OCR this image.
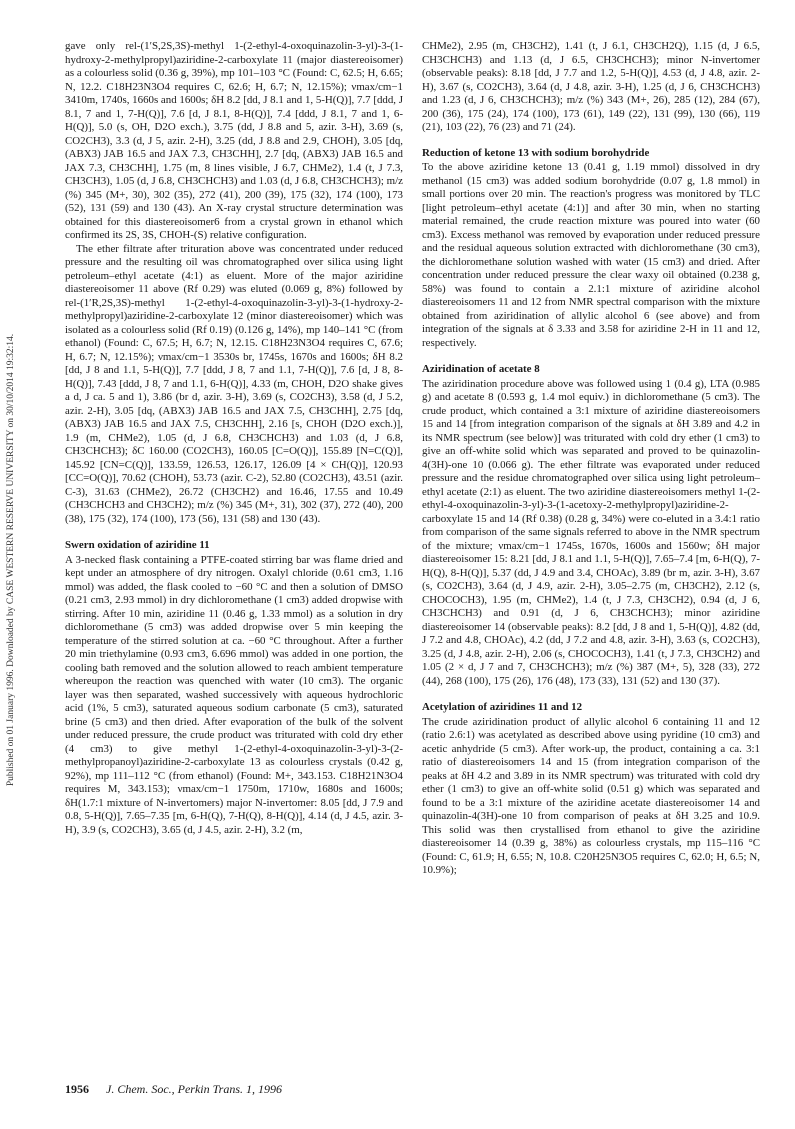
Published on 01 January 1996. Downloaded by CASE WESTERN RESERVE UNIVERSITY on 30/10/2014 19:32:14.

gave only rel-(1′S,2S,3S)-methyl 1-(2-ethyl-4-oxoquinazolin-3-yl)-3-(1-hydroxy-2-methylpropyl)aziridine-2-carboxylate 11 (major diastereoisomer) as a colourless solid (0.36 g, 39%), mp 101–103 °C (Found: C, 62.5; H, 6.65; N, 12.2. C18H23N3O4 requires C, 62.6; H, 6.7; N, 12.15%); νmax/cm−1 3410m, 1740s, 1660s and 1600s; δH 8.2 [dd, J 8.1 and 1, 5-H(Q)], 7.7 [ddd, J 8.1, 7 and 1, 7-H(Q)], 7.6 [d, J 8.1, 8-H(Q)], 7.4 [ddd, J 8.1, 7 and 1, 6-H(Q)], 5.0 (s, OH, D2O exch.), 3.75 (dd, J 8.8 and 5, azir. 3-H), 3.69 (s, CO2CH3), 3.3 (d, J 5, azir. 2-H), 3.25 (dd, J 8.8 and 2.9, CHOH), 3.05 [dq, (ABX3) JAB 16.5 and JAX 7.3, CH3CHH], 2.7 [dq, (ABX3) JAB 16.5 and JAX 7.3, CH3CHH], 1.75 (m, 8 lines visible, J 6.7, CHMe2), 1.4 (t, J 7.3, CH3CH3), 1.05 (d, J 6.8, CH3CHCH3) and 1.03 (d, J 6.8, CH3CHCH3); m/z (%) 345 (M+, 30), 302 (35), 272 (41), 200 (39), 175 (32), 174 (100), 173 (52), 131 (59) and 130 (43). An X-ray crystal structure determination was obtained for this diastereoisomer6 from a crystal grown in ethanol which confirmed its 2S, 3S, CHOH-(S) relative configuration.

The ether filtrate after trituration above was concentrated under reduced pressure and the resulting oil was chromatographed over silica using light petroleum–ethyl acetate (4:1) as eluent. More of the major aziridine diastereoisomer 11 above (Rf 0.29) was eluted (0.069 g, 8%) followed by rel-(1′R,2S,3S)-methyl 1-(2-ethyl-4-oxoquinazolin-3-yl)-3-(1-hydroxy-2-methylpropyl)aziridine-2-carboxylate 12 (minor diastereoisomer) which was isolated as a colourless solid (Rf 0.19) (0.126 g, 14%), mp 140–141 °C (from ethanol) (Found: C, 67.5; H, 6.7; N, 12.15. C18H23N3O4 requires C, 67.6; H, 6.7; N, 12.15%); νmax/cm−1 3530s br, 1745s, 1670s and 1600s; δH 8.2 [dd, J 8 and 1.1, 5-H(Q)], 7.7 [ddd, J 8, 7 and 1.1, 7-H(Q)], 7.6 [d, J 8, 8-H(Q)], 7.43 [ddd, J 8, 7 and 1.1, 6-H(Q)], 4.33 (m, CHOH, D2O shake gives a d, J ca. 5 and 1), 3.86 (br d, azir. 3-H), 3.69 (s, CO2CH3), 3.58 (d, J 5.2, azir. 2-H), 3.05 [dq, (ABX3) JAB 16.5 and JAX 7.5, CH3CHH], 2.75 [dq, (ABX3) JAB 16.5 and JAX 7.5, CH3CHH], 2.16 [s, CHOH (D2O exch.)], 1.9 (m, CHMe2), 1.05 (d, J 6.8, CH3CHCH3) and 1.03 (d, J 6.8, CH3CHCH3); δC 160.00 (CO2CH3), 160.05 [C=O(Q)], 155.89 [N=C(Q)], 145.92 [CN=C(Q)], 133.59, 126.53, 126.17, 126.09 [4 × CH(Q)], 120.93 [CC=O(Q)], 70.62 (CHOH), 53.73 (azir. C-2), 52.80 (CO2CH3), 43.51 (azir. C-3), 31.63 (CHMe2), 26.72 (CH3CH2) and 16.46, 17.55 and 10.49 (CH3CHCH3 and CH3CH2); m/z (%) 345 (M+, 31), 302 (37), 272 (40), 200 (38), 175 (32), 174 (100), 173 (56), 131 (58) and 130 (43).

Swern oxidation of aziridine 11

A 3-necked flask containing a PTFE-coated stirring bar was flame dried and kept under an atmosphere of dry nitrogen. Oxalyl chloride (0.61 cm3, 1.16 mmol) was added, the flask cooled to −60 °C and then a solution of DMSO (0.21 cm3, 2.93 mmol) in dry dichloromethane (1 cm3) added dropwise with stirring. After 10 min, aziridine 11 (0.46 g, 1.33 mmol) as a solution in dry dichloromethane (5 cm3) was added dropwise over 5 min keeping the temperature of the stirred solution at ca. −60 °C throughout. After a further 20 min triethylamine (0.93 cm3, 6.696 mmol) was added in one portion, the cooling bath removed and the solution allowed to reach ambient temperature whereupon the reaction was quenched with water (10 cm3). The organic layer was then separated, washed successively with aqueous hydrochloric acid (1%, 5 cm3), saturated aqueous sodium carbonate (5 cm3), saturated brine (5 cm3) and then dried. After evaporation of the bulk of the solvent under reduced pressure, the crude product was triturated with cold dry ether (4 cm3) to give methyl 1-(2-ethyl-4-oxoquinazolin-3-yl)-3-(2-methylpropanoyl)aziridine-2-carboxylate 13 as colourless crystals (0.42 g, 92%), mp 111–112 °C (from ethanol) (Found: M+, 343.153. C18H21N3O4 requires M, 343.153); νmax/cm−1 1750m, 1710w, 1680s and 1600s; δH(1.7:1 mixture of N-invertomers) major N-invertomer: 8.05 [dd, J 7.9 and 0.8, 5-H(Q)], 7.65–7.35 [m, 6-H(Q), 7-H(Q), 8-H(Q)], 4.14 (d, J 4.5, azir. 3-H), 3.9 (s, CO2CH3), 3.65 (d, J 4.5, azir. 2-H), 3.2 (m,

CHMe2), 2.95 (m, CH3CH2), 1.41 (t, J 6.1, CH3CH2Q), 1.15 (d, J 6.5, CH3CHCH3) and 1.13 (d, J 6.5, CH3CHCH3); minor N-invertomer (observable peaks): 8.18 [dd, J 7.7 and 1.2, 5-H(Q)], 4.53 (d, J 4.8, azir. 2-H), 3.67 (s, CO2CH3), 3.64 (d, J 4.8, azir. 3-H), 1.25 (d, J 6, CH3CHCH3) and 1.23 (d, J 6, CH3CHCH3); m/z (%) 343 (M+, 26), 285 (12), 284 (67), 200 (36), 175 (24), 174 (100), 173 (61), 149 (22), 131 (99), 130 (66), 119 (21), 103 (22), 76 (23) and 71 (24).

Reduction of ketone 13 with sodium borohydride

To the above aziridine ketone 13 (0.41 g, 1.19 mmol) dissolved in dry methanol (15 cm3) was added sodium borohydride (0.07 g, 1.8 mmol) in small portions over 20 min. The reaction's progress was monitored by TLC [light petroleum–ethyl acetate (4:1)] and after 30 min, when no starting material remained, the crude reaction mixture was poured into water (60 cm3). Excess methanol was removed by evaporation under reduced pressure and the residual aqueous solution extracted with dichloromethane (30 cm3), the dichloromethane solution washed with water (15 cm3) and dried. After concentration under reduced pressure the clear waxy oil obtained (0.238 g, 58%) was found to contain a 2.1:1 mixture of aziridine alcohol diastereoisomers 11 and 12 from NMR spectral comparison with the mixture obtained from aziridination of allylic alcohol 6 (see above) and from integration of the signals at δ 3.33 and 3.58 for aziridine 2-H in 11 and 12, respectively.

Aziridination of acetate 8

The aziridination procedure above was followed using 1 (0.4 g), LTA (0.985 g) and acetate 8 (0.593 g, 1.4 mol equiv.) in dichloromethane (5 cm3). The crude product, which contained a 3:1 mixture of aziridine diastereoisomers 15 and 14 [from integration comparison of the signals at δH 3.89 and 4.2 in its NMR spectrum (see below)] was triturated with cold dry ether (1 cm3) to give an off-white solid which was separated and proved to be quinazolin-4(3H)-one 10 (0.066 g). The ether filtrate was evaporated under reduced pressure and the residue chromatographed over silica using light petroleum–ethyl acetate (2:1) as eluent. The two aziridine diastereoisomers methyl 1-(2-ethyl-4-oxoquinazolin-3-yl)-3-(1-acetoxy-2-methylpropyl)aziridine-2-carboxylate 15 and 14 (Rf 0.38) (0.28 g, 34%) were co-eluted in a 3.4:1 ratio from comparison of the same signals referred to above in the NMR spectrum of the mixture; νmax/cm−1 1745s, 1670s, 1600s and 1560w; δH major diastereoisomer 15: 8.21 [dd, J 8.1 and 1.1, 5-H(Q)], 7.65–7.4 [m, 6-H(Q), 7-H(Q), 8-H(Q)], 5.37 (dd, J 4.9 and 3.4, CHOAc), 3.89 (br m, azir. 3-H), 3.67 (s, CO2CH3), 3.64 (d, J 4.9, azir. 2-H), 3.05–2.75 (m, CH3CH2), 2.12 (s, CHOCOCH3), 1.95 (m, CHMe2), 1.4 (t, J 7.3, CH3CH2), 0.94 (d, J 6, CH3CHCH3) and 0.91 (d, J 6, CH3CHCH3); minor aziridine diastereoisomer 14 (observable peaks): 8.2 [dd, J 8 and 1, 5-H(Q)], 4.82 (dd, J 7.2 and 4.8, CHOAc), 4.2 (dd, J 7.2 and 4.8, azir. 3-H), 3.63 (s, CO2CH3), 3.25 (d, J 4.8, azir. 2-H), 2.06 (s, CHOCOCH3), 1.41 (t, J 7.3, CH3CH2) and 1.05 (2 × d, J 7 and 7, CH3CHCH3); m/z (%) 387 (M+, 5), 328 (33), 272 (44), 268 (100), 175 (26), 176 (48), 173 (33), 131 (52) and 130 (37).

Acetylation of aziridines 11 and 12

The crude aziridination product of allylic alcohol 6 containing 11 and 12 (ratio 2.6:1) was acetylated as described above using pyridine (10 cm3) and acetic anhydride (5 cm3). After work-up, the product, containing a ca. 3:1 ratio of diastereoisomers 14 and 15 (from integration comparison of the peaks at δH 4.2 and 3.89 in its NMR spectrum) was triturated with cold dry ether (1 cm3) to give an off-white solid (0.51 g) which was separated and found to be a 3:1 mixture of the aziridine acetate diastereoisomer 14 and quinazolin-4(3H)-one 10 from comparison of peaks at δH 3.25 and 10.9. This solid was then crystallised from ethanol to give the aziridine diastereoisomer 14 (0.39 g, 38%) as colourless crystals, mp 115–116 °C (Found: C, 61.9; H, 6.55; N, 10.8. C20H25N3O5 requires C, 62.0; H, 6.5; N, 10.9%);

1956 J. Chem. Soc., Perkin Trans. 1, 1996
